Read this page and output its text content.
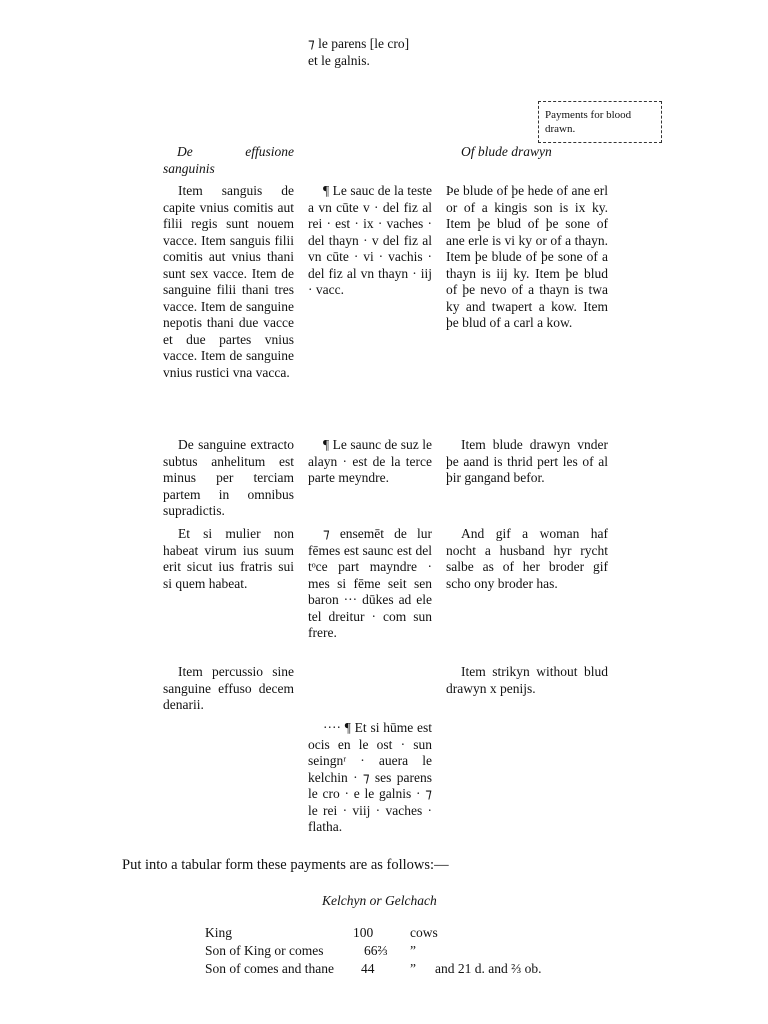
⁊ le parens [le cro]
et le galnis.
Payments for blood drawn.
De effusione sanguinis
Of blude drawyn
Item sanguis de capite vnius comitis aut filii regis sunt nouem vacce. Item sanguis filii comitis aut vnius thani sunt sex vacce. Item de sanguine filii thani tres vacce. Item de sanguine nepotis thani due vacce et due partes vnius vacce. Item de sanguine vnius rustici vna vacca.
¶ Le sauc de la teste a vn cūte v · del fiz al rei · est · ix · vaches · del thayn · v del fiz al vn cūte · vi · vachis · del fiz al vn thayn · iij · vacc.
Þe blude of þe hede of ane erl or of a kingis son is ix ky. Item þe blud of þe sone of ane erle is vi ky or of a thayn. Item þe blude of þe sone of a thayn is iij ky. Item þe blud of þe nevo of a thayn is twa ky and twapert a kow. Item þe blud of a carl a kow.
De sanguine extracto subtus anhelitum est minus per terciam partem in omnibus supradictis.
¶ Le saunc de suz le alayn · est de la terce parte meyndre.
Item blude drawyn vnder þe aand is thrid pert les of al þir gangand befor.
Et si mulier non habeat virum ius suum erit sicut ius fratris sui si quem habeat.
⁊ ensemēt de lur fēmes est saunc est del tᵒce part mayndre · mes si fēme seit sen baron ··· dūkes ad ele tel dreitur · com sun frere.
And gif a woman haf nocht a husband hyr rycht salbe as of her broder gif scho ony broder has.
Item percussio sine sanguine effuso decem denarii.
Item strikyn without blud drawyn x penijs.
···· ¶ Et si hūme est ocis en le ost · sun seingnʳ · auera le kelchin · ⁊ ses parens le cro · e le galnis · ⁊ le rei · viij · vaches · flatha.
Put into a tabular form these payments are as follows:—
Kelchyn or Gelchach
King	100	cows
Son of King or comes	66⅔ ”
Son of comes and thane 44	” and 21 d. and ⅔ ob.
